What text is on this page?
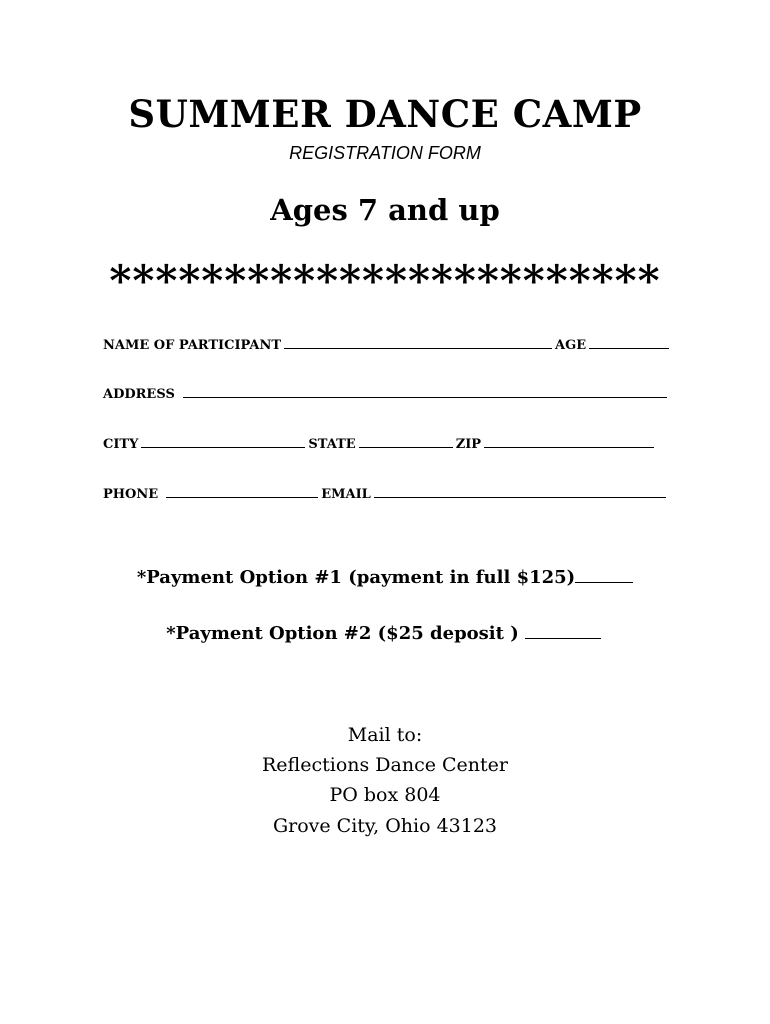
SUMMER DANCE CAMP
REGISTRATION FORM
Ages 7 and up
************************
NAME OF PARTICIPANT	AGE
ADDRESS
CITY	STATE	ZIP
PHONE	EMAIL
*Payment Option #1 (payment in full $125)
*Payment Option #2 ($25 deposit )
Mail to:
Reflections Dance Center
PO box 804
Grove City, Ohio 43123
